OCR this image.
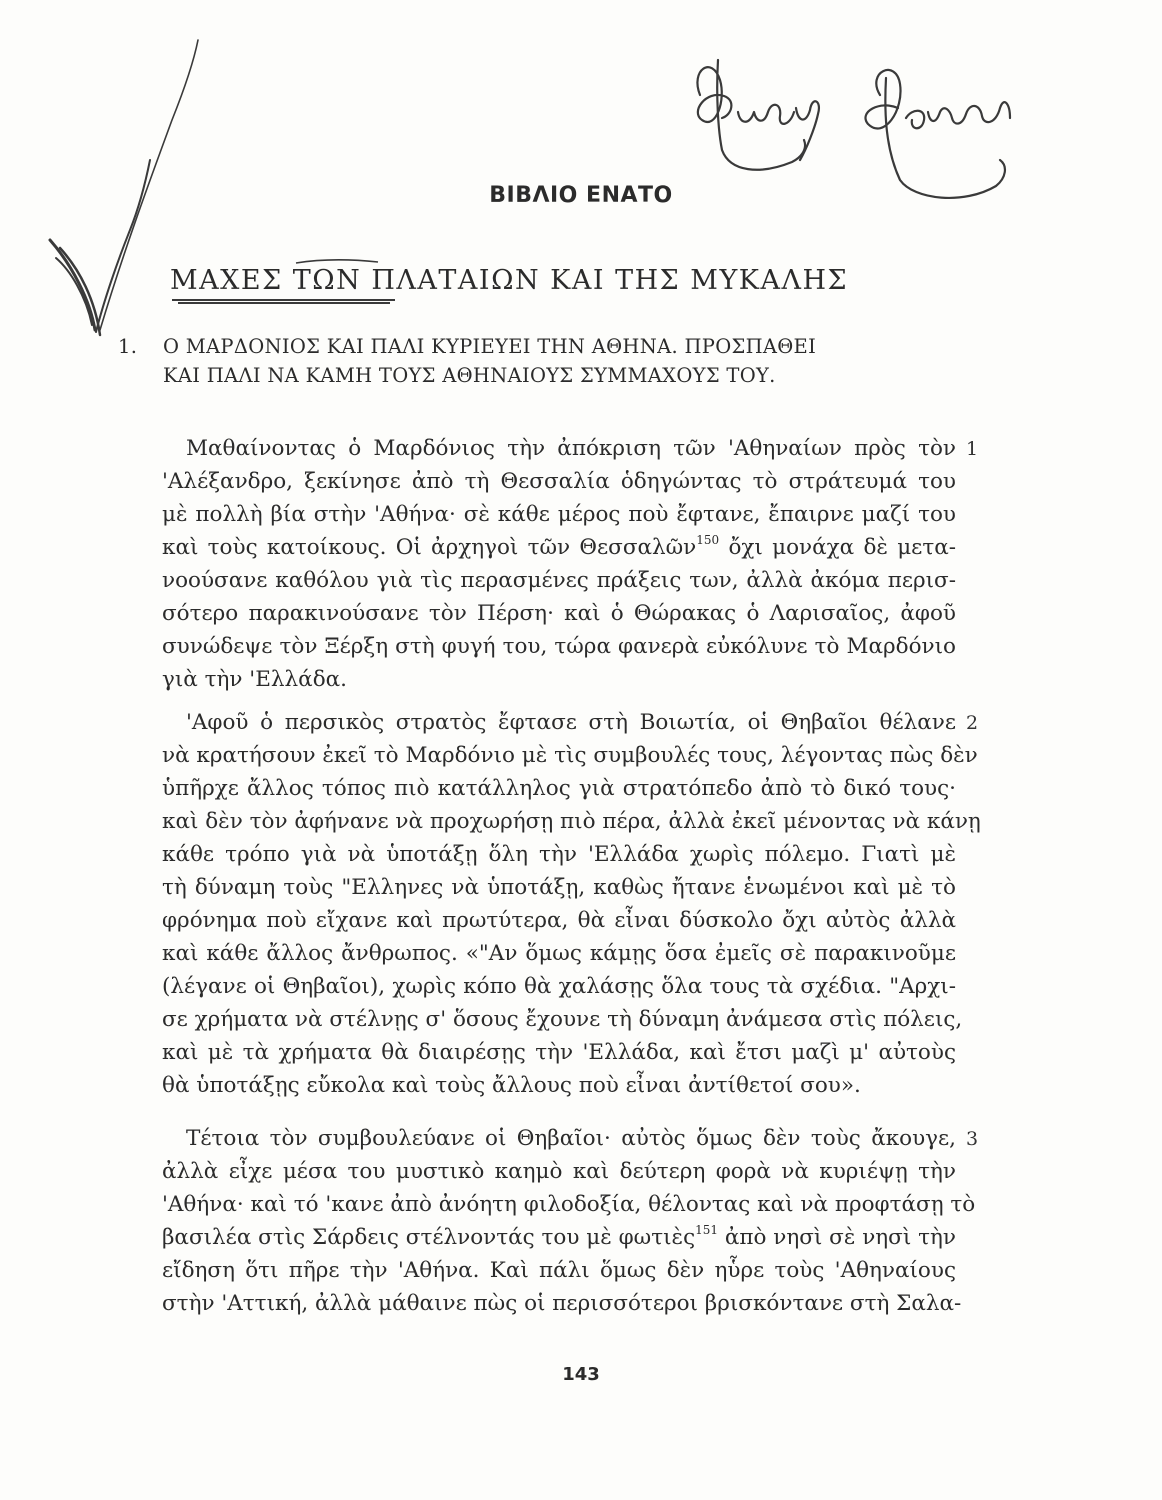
ΒΙΒΛΙΟ ΕΝΑΤΟ
ΜΑΧΕΣ ΤΩΝ ΠΛΑΤΑΙΩΝ ΚΑΙ ΤΗΣ ΜΥΚΑΛΗΣ
1. Ο ΜΑΡΔΟΝΙΟΣ ΚΑΙ ΠΑΛΙ ΚΥΡΙΕΥΕΙ ΤΗΝ ΑΘΗΝΑ. ΠΡΟΣΠΑΘΕΙ
ΚΑΙ ΠΑΛΙ ΝΑ ΚΑΜΗ ΤΟΥΣ ΑΘΗΝΑΙΟΥΣ ΣΥΜΜΑΧΟΥΣ ΤΟΥ.
Μαθαίνοντας ὁ Μαρδόνιος τὴν ἀπόκριση τῶν 'Αθηναίων πρὸς τὸν
'Αλέξανδρο, ξεκίνησε ἀπὸ τὴ Θεσσαλία ὁδηγώντας τὸ στράτευμά του
μὲ πολλὴ βία στὴν 'Αθήνα· σὲ κάθε μέρος ποὺ ἔφτανε, ἔπαιρνε μαζί του
καὶ τοὺς κατοίκους. Οἱ ἀρχηγοὶ τῶν Θεσσαλῶν$^{150}$ ὄχι μονάχα δὲ μετα-
νοούσανε καθόλου γιὰ τὶς περασμένες πράξεις των, ἀλλὰ ἀκόμα περισ-
σότερο παρακινούσανε τὸν Πέρση· καὶ ὁ Θώρακας ὁ Λαρισαῖος, ἀφοῦ
συνώδεψε τὸν Ξέρξη στὴ φυγή του, τώρα φανερὰ εὐκόλυνε τὸ Μαρδόνιο
γιὰ τὴν 'Ελλάδα.
1
'Αφοῦ ὁ περσικὸς στρατὸς ἔφτασε στὴ Βοιωτία, οἱ Θηβαῖοι θέλανε
νὰ κρατήσουν ἐκεῖ τὸ Μαρδόνιο μὲ τὶς συμβουλές τους, λέγοντας πὼς δὲν
ὑπῆρχε ἄλλος τόπος πιὸ κατάλληλος γιὰ στρατόπεδο ἀπὸ τὸ δικό τους·
καὶ δὲν τὸν ἀφήνανε νὰ προχωρήσῃ πιὸ πέρα, ἀλλὰ ἐκεῖ μένοντας νὰ κάνῃ
κάθε τρόπο γιὰ νὰ ὑποτάξῃ ὅλη τὴν 'Ελλάδα χωρὶς πόλεμο. Γιατὶ μὲ
τὴ δύναμη τοὺς "Ελληνες νὰ ὑποτάξῃ, καθὼς ἤτανε ἑνωμένοι καὶ μὲ τὸ
φρόνημα ποὺ εἴχανε καὶ πρωτύτερα, θὰ εἶναι δύσκολο ὄχι αὐτὸς ἀλλὰ
καὶ κάθε ἄλλος ἄνθρωπος. «"Αν ὅμως κάμῃς ὅσα ἐμεῖς σὲ παρακινοῦμε
(λέγανε οἱ Θηβαῖοι), χωρὶς κόπο θὰ χαλάσῃς ὅλα τους τὰ σχέδια. "Αρχι-
σε χρήματα νὰ στέλνῃς σ' ὅσους ἔχουνε τὴ δύναμη ἀνάμεσα στὶς πόλεις,
καὶ μὲ τὰ χρήματα θὰ διαιρέσῃς τὴν 'Ελλάδα, καὶ ἔτσι μαζὶ μ' αὐτοὺς
θὰ ὑποτάξῃς εὔκολα καὶ τοὺς ἄλλους ποὺ εἶναι ἀντίθετοί σου».
2
Τέτοια τὸν συμβουλεύανε οἱ Θηβαῖοι· αὐτὸς ὅμως δὲν τοὺς ἄκουγε,
ἀλλὰ εἶχε μέσα του μυστικὸ καημὸ καὶ δεύτερη φορὰ νὰ κυριέψῃ τὴν
'Αθήνα· καὶ τό 'κανε ἀπὸ ἀνόητη φιλοδοξία, θέλοντας καὶ νὰ προφτάσῃ τὸ
βασιλέα στὶς Σάρδεις στέλνοντάς του μὲ φωτιὲς$^{151}$ ἀπὸ νησὶ σὲ νησὶ τὴν
εἴδηση ὅτι πῆρε τὴν 'Αθήνα. Καὶ πάλι ὅμως δὲν ηὗρε τοὺς 'Αθηναίους
στὴν 'Αττική, ἀλλὰ μάθαινε πὼς οἱ περισσότεροι βρισκόντανε στὴ Σαλα-
3
143
